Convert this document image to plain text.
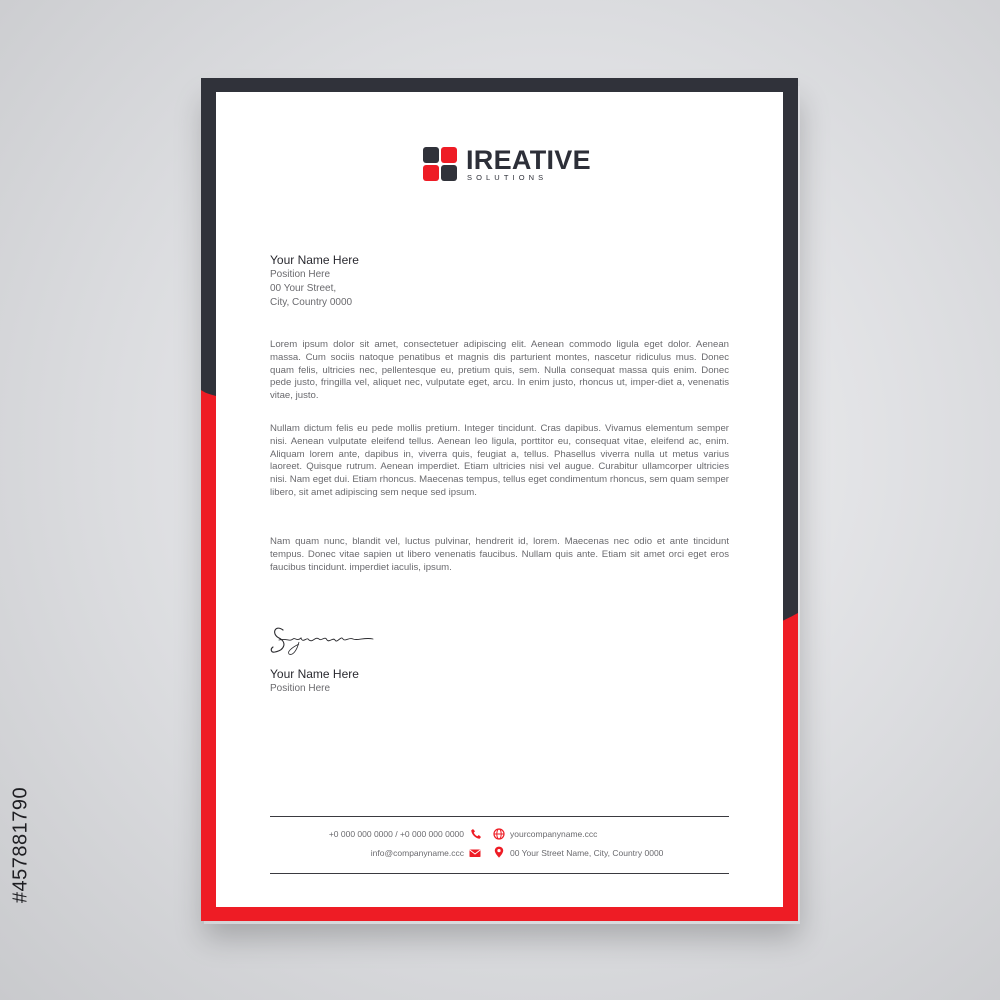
#457881790
IREATIVE
SOLUTIONS
Your Name Here
Position Here
00 Your Street,
City, Country 0000

Lorem ipsum dolor sit amet, consectetuer adipiscing elit. Aenean commodo ligula eget dolor. Aenean massa. Cum sociis natoque penatibus et magnis dis parturient montes, nascetur ridiculus mus. Donec quam felis, ultricies nec, pellentesque eu, pretium quis, sem. Nulla consequat massa quis enim. Donec pede justo, fringilla vel, aliquet nec, vulputate eget, arcu. In enim justo, rhoncus ut, imper-diet a, venenatis vitae, justo.

Nullam dictum felis eu pede mollis pretium. Integer tincidunt. Cras dapibus. Vivamus elementum semper nisi. Aenean vulputate eleifend tellus. Aenean leo ligula, porttitor eu, consequat vitae, eleifend ac, enim. Aliquam lorem ante, dapibus in, viverra quis, feugiat a, tellus. Phasellus viverra nulla ut metus varius laoreet. Quisque rutrum. Aenean imperdiet. Etiam ultricies nisi vel augue. Curabitur ullamcorper ultricies nisi. Nam eget dui. Etiam rhoncus. Maecenas tempus, tellus eget condimentum rhoncus, sem quam semper libero, sit amet adipiscing sem neque sed ipsum.

Nam quam nunc, blandit vel, luctus pulvinar, hendrerit id, lorem. Maecenas nec odio et ante tincidunt tempus. Donec vitae sapien ut libero venenatis faucibus. Nullam quis ante. Etiam sit amet orci eget eros faucibus tincidunt. imperdiet iaculis, ipsum.

Your Name Here
Position Here
+0 000 000 0000 / +0 000 000 0000
info@companyname.ccc
yourcompanyname.ccc
00 Your Street Name, City, Country 0000
